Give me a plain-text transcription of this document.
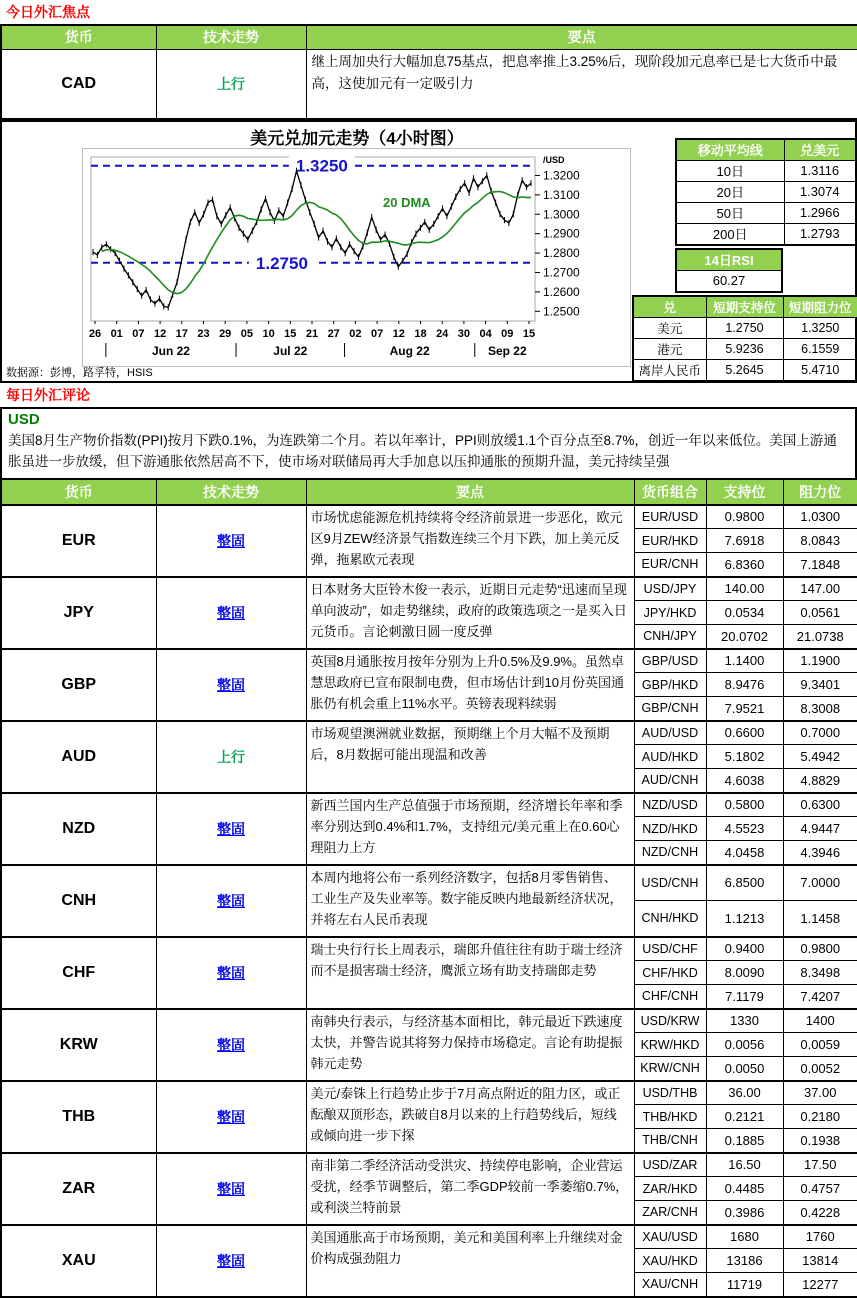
今日外汇焦点
货币	技术走势	要点
CAD	上行	继上周加央行大幅加息75基点，把息率推上3.25%后，现阶段加元息率已是七大货币中最高，这使加元有一定吸引力
美元兑加元走势（4小时图）
1.2500
1.2600
1.2700
1.2800
1.2900
1.3000
1.3100
1.3200
/USD
1.3250
1.2750
20 DMA
26 01 07 12 17 23 29 05 10 15 21 27 02 07 12 18 24 30 04 09 15
Jun 22	Jul 22	Aug 22	Sep 22
数据源：彭博，路孚特，HSIS
移动平均线	兑美元
10日	1.3116
20日	1.3074
50日	1.2966
200日	1.2793
14日RSI
60.27
兑	短期支持位	短期阻力位
美元	1.2750	1.3250
港元	5.9236	6.1559
离岸人民币	5.2645	5.4710
每日外汇评论
USD
美国8月生产物价指数(PPI)按月下跌0.1%，为连跌第二个月。若以年率计，PPI则放缓1.1个百分点至8.7%，创近一年以来低位。美国上游通胀虽进一步放缓，但下游通胀依然居高不下，使市场对联储局再大手加息以压抑通胀的预期升温，美元持续呈强
货币	技术走势	要点	货币组合	支持位	阻力位
EUR	整固	市场忧虑能源危机持续将令经济前景进一步恶化，欧元区9月ZEW经济景气指数连续三个月下跌，加上美元反弹，拖累欧元表现	EUR/USD	0.9800	1.0300
			EUR/HKD	7.6918	8.0843
			EUR/CNH	6.8360	7.1848
JPY	整固	日本财务大臣铃木俊一表示，近期日元走势“迅速而呈现单向波动”，如走势继续，政府的政策选项之一是买入日元货币。言论刺激日圆一度反弹	USD/JPY	140.00	147.00
			JPY/HKD	0.0534	0.0561
			CNH/JPY	20.0702	21.0738
GBP	整固	英国8月通胀按月按年分别为上升0.5%及9.9%。虽然卓慧思政府已宣布限制电费，但市场估计到10月份英国通胀仍有机会重上11%水平。英镑表现料续弱	GBP/USD	1.1400	1.1900
			GBP/HKD	8.9476	9.3401
			GBP/CNH	7.9521	8.3008
AUD	上行	市场观望澳洲就业数据，预期继上个月大幅不及预期后，8月数据可能出现温和改善	AUD/USD	0.6600	0.7000
			AUD/HKD	5.1802	5.4942
			AUD/CNH	4.6038	4.8829
NZD	整固	新西兰国内生产总值强于市场预期，经济增长年率和季率分别达到0.4%和1.7%，支持纽元/美元重上在0.60心理阻力上方	NZD/USD	0.5800	0.6300
			NZD/HKD	4.5523	4.9447
			NZD/CNH	4.0458	4.3946
CNH	整固	本周内地将公布一系列经济数字，包括8月零售销售、工业生产及失业率等。数字能反映内地最新经济状况，并将左右人民币表现	USD/CNH	6.8500	7.0000
			CNH/HKD	1.1213	1.1458
CHF	整固	瑞士央行行长上周表示，瑞郎升值往往有助于瑞士经济而不是损害瑞士经济，鹰派立场有助支持瑞郎走势	USD/CHF	0.9400	0.9800
			CHF/HKD	8.0090	8.3498
			CHF/CNH	7.1179	7.4207
KRW	整固	南韩央行表示，与经济基本面相比，韩元最近下跌速度太快，并警告说其将努力保持市场稳定。言论有助提振韩元走势	USD/KRW	1330	1400
			KRW/HKD	0.0056	0.0059
			KRW/CNH	0.0050	0.0052
THB	整固	美元/泰铢上行趋势止步于7月高点附近的阻力区，或正酝酿双顶形态，跌破自8月以来的上行趋势线后，短线或倾向进一步下探	USD/THB	36.00	37.00
			THB/HKD	0.2121	0.2180
			THB/CNH	0.1885	0.1938
ZAR	整固	南非第二季经济活动受洪灾、持续停电影响，企业营运受扰，经季节调整后，第二季GDP较前一季萎缩0.7%，或利淡兰特前景	USD/ZAR	16.50	17.50
			ZAR/HKD	0.4485	0.4757
			ZAR/CNH	0.3986	0.4228
XAU	整固	美国通胀高于市场预期，美元和美国利率上升继续对金价构成强劲阻力	XAU/USD	1680	1760
			XAU/HKD	13186	13814
			XAU/CNH	11719	12277
